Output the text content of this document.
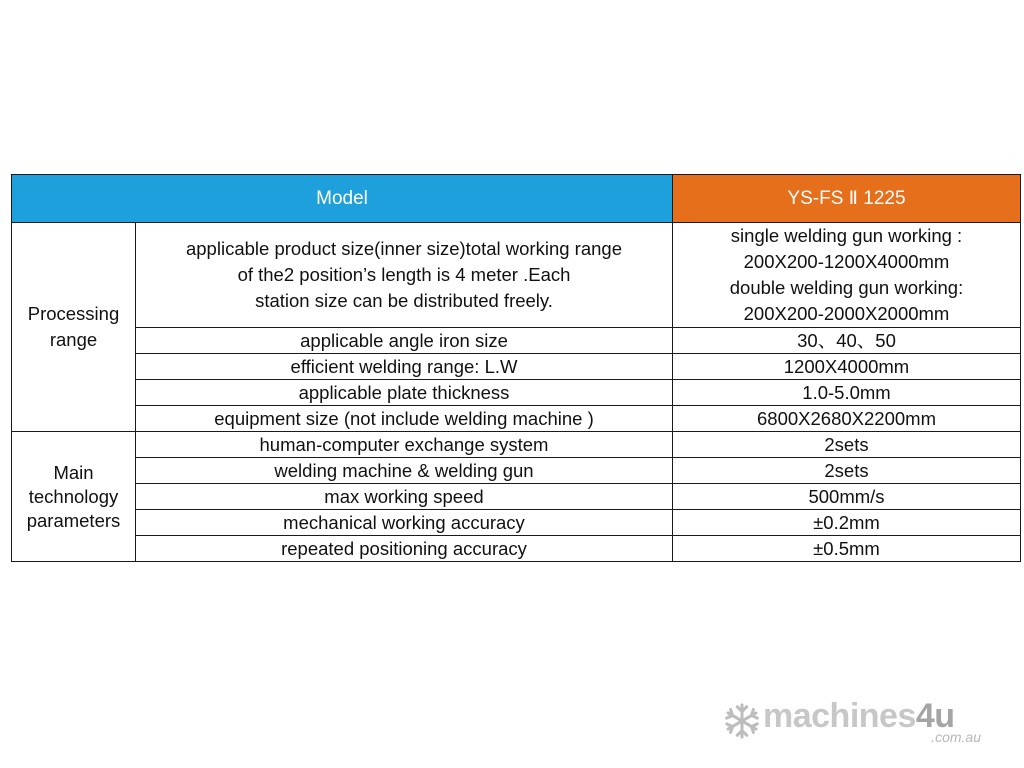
Model		YS-FS Ⅱ 1225
Processing
range	applicable product size(inner size)total working range
of the2 position’s length is 4 meter .Each
station size can be distributed freely.	single welding gun working :
200X200-1200X4000mm
double welding gun working:
200X200-2000X2000mm
	applicable angle iron size	30、40、50
	efficient welding range: L.W	1200X4000mm
	applicable plate thickness	1.0-5.0mm
	equipment size (not include welding machine )	6800X2680X2200mm
Main
technology
parameters	human-computer exchange system	2sets
	welding machine & welding gun	2sets
	max working speed	500mm/s
	mechanical working accuracy	±0.2mm
	repeated positioning accuracy	±0.5mm
machines4u
.com.au
